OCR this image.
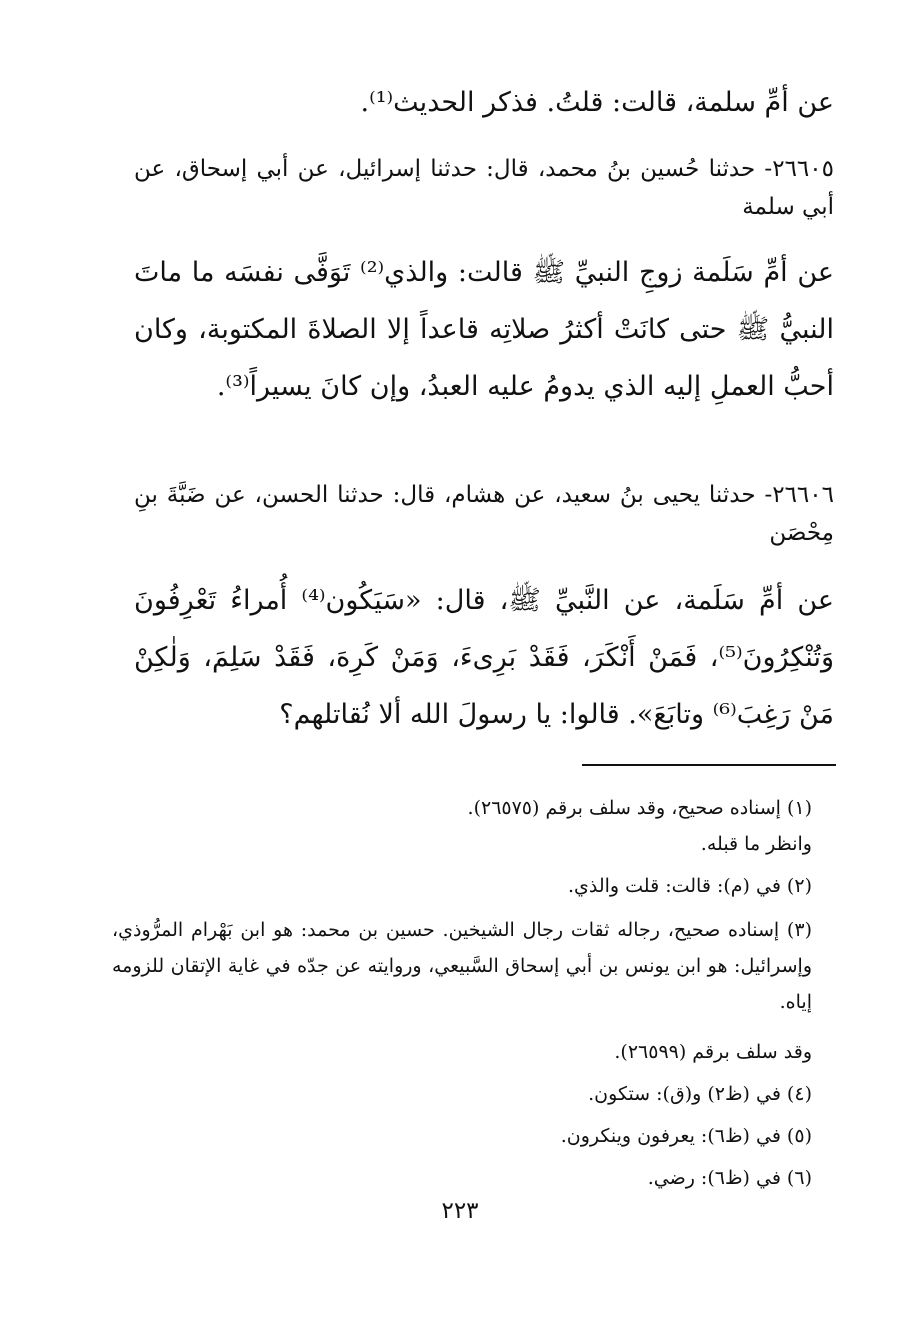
عن أمِّ سلمة، قالت: قلتُ. فذكر الحديث⁽¹⁾.

٢٦٦٠٥- حدثنا حُسين بنُ محمد، قال: حدثنا إسرائيل، عن أبي إسحاق، عن أبي سلمة

عن أمِّ سَلَمة زوجِ النبيِّ ﷺ قالت: والذي⁽²⁾ تَوَفَّى نفسَه ما ماتَ النبيُّ ﷺ حتى كانَتْ أكثرُ صلاتِه قاعداً إلا الصلاةَ المكتوبة، وكان أحبُّ العملِ إليه الذي يدومُ عليه العبدُ، وإن كانَ يسيراً⁽³⁾.

٢٦٦٠٦- حدثنا يحيى بنُ سعيد، عن هشام، قال: حدثنا الحسن، عن ضَبَّةَ بنِ مِحْصَن

عن أمِّ سَلَمة، عن النَّبيِّ ﷺ، قال: «سَيَكُون⁽⁴⁾ أُمراءُ تَعْرِفُونَ وَتُنْكِرُونَ⁽⁵⁾، فَمَنْ أَنْكَرَ، فَقَدْ بَرِىءَ، وَمَنْ كَرِهَ، فَقَدْ سَلِمَ، وَلٰكِنْ مَنْ رَغِبَ⁽⁶⁾ وتابَعَ». قالوا: يا رسولَ الله ألا نُقاتلهم؟

(١) إسناده صحيح، وقد سلف برقم (٢٦٥٧٥).

وانظر ما قبله.

(٢) في (م): قالت: قلت والذي.

(٣) إسناده صحيح، رجاله ثقات رجال الشيخين. حسين بن محمد: هو ابن بَهْرام المرُّوذي، وإسرائيل: هو ابن يونس بن أبي إسحاق السَّبيعي، وروايته عن جدّه في غاية الإتقان للزومه إياه.

وقد سلف برقم (٢٦٥٩٩).

(٤) في (ظ٢) و(ق): ستكون.

(٥) في (ظ٦): يعرفون وينكرون.

(٦) في (ظ٦): رضي.

٢٢٣
